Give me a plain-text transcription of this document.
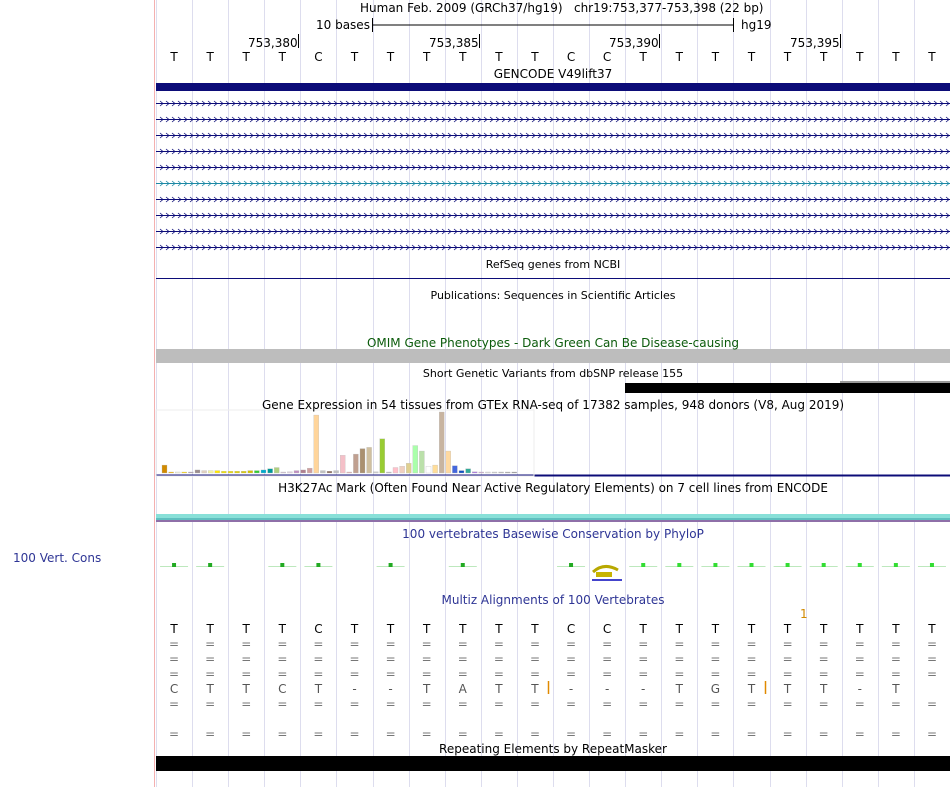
100 Vert. Cons
Human Feb. 2009 (GRCh37/hg19) chr19:753,377-753,398 (22 bp)
10 bases	hg19
753,380	753,385	753,390	753,395
T T T T C T T T T T T C C T T T T T T T T T
GENCODE V49lift37
RefSeq genes from NCBI
Publications: Sequences in Scientific Articles
OMIM Gene Phenotypes - Dark Green Can Be Disease-causing
Short Genetic Variants from dbSNP release 155
Gene Expression in 54 tissues from GTEx RNA-seq of 17382 samples, 948 donors (V8, Aug 2019)
H3K27Ac Mark (Often Found Near Active Regulatory Elements) on 7 cell lines from ENCODE
100 vertebrates Basewise Conservation by PhyloP
Multiz Alignments of 100 Vertebrates
1
T T T T C T T T T T T C C T T T T T T T T T
= = = = = = = = = = = = = = = = = = = = = =
= = = = = = = = = = = = = = = = = = = = = =
= = = = = = = = = = = = = = = = = = = = = =
C T T C T	-	-	T A T T	-	-	-	T G T T T	-	T
= = = = = = = = = = = = = = = = = = = = = =
= = = = = = = = = = = = = = = = = = = = = =
Repeating Elements by RepeatMasker
